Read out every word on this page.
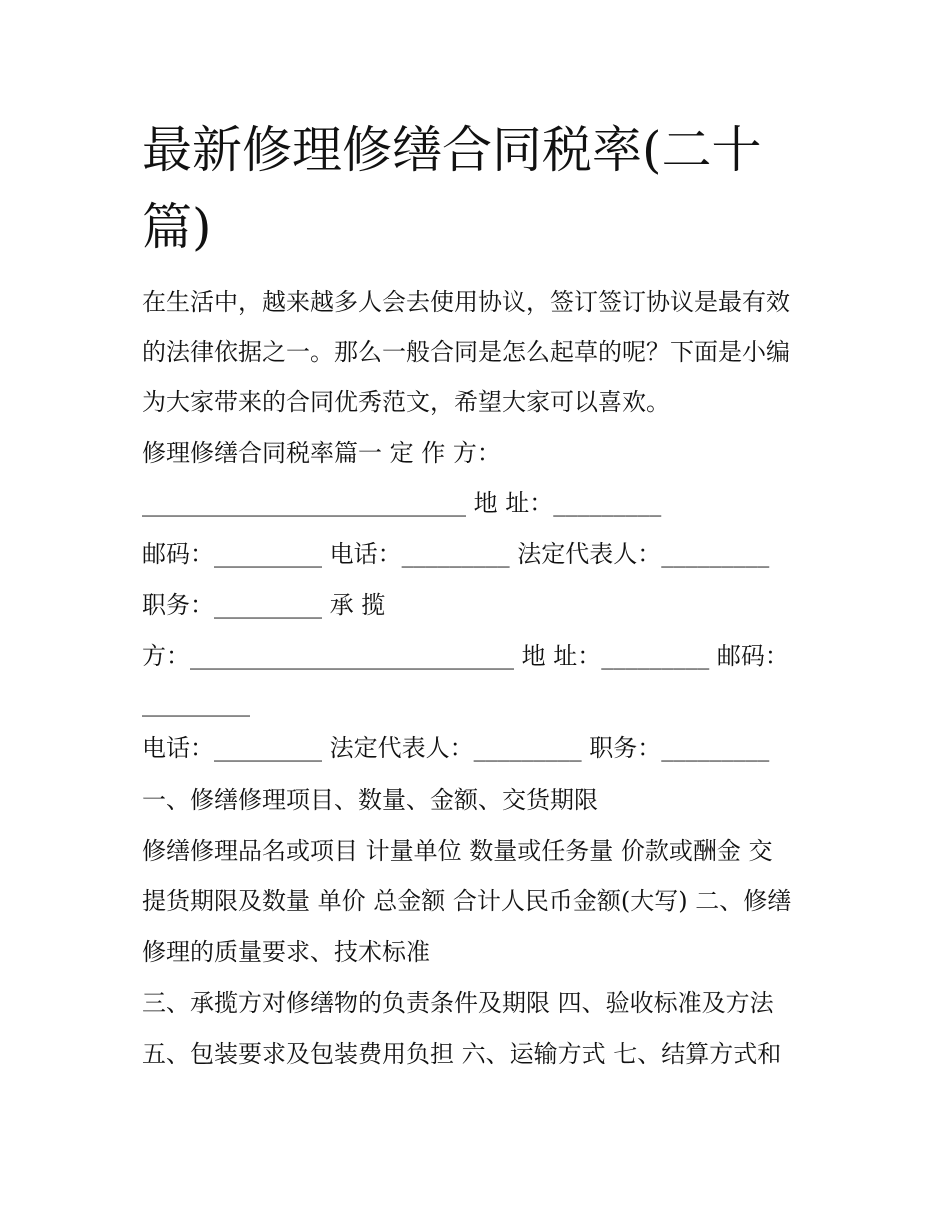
最新修理修缮合同税率(二十篇)
在生活中，越来越多人会去使用协议，签订签订协议是最有效
的法律依据之一。那么一般合同是怎么起草的呢？下面是小编
为大家带来的合同优秀范文，希望大家可以喜欢。
修理修缮合同税率篇一 定 作 方：
___________________________ 地 址：_________
邮码：_________ 电话：_________ 法定代表人：_________
职务：_________ 承 揽
方：___________________________ 地 址：_________ 邮码：
_________
电话：_________ 法定代表人：_________ 职务：_________
一、修缮修理项目、数量、金额、交货期限
修缮修理品名或项目 计量单位 数量或任务量 价款或酬金 交
提货期限及数量 单价 总金额 合计人民币金额(大写) 二、修缮
修理的质量要求、技术标准
三、承揽方对修缮物的负责条件及期限 四、验收标准及方法
五、包装要求及包装费用负担 六、运输方式 七、结算方式和
